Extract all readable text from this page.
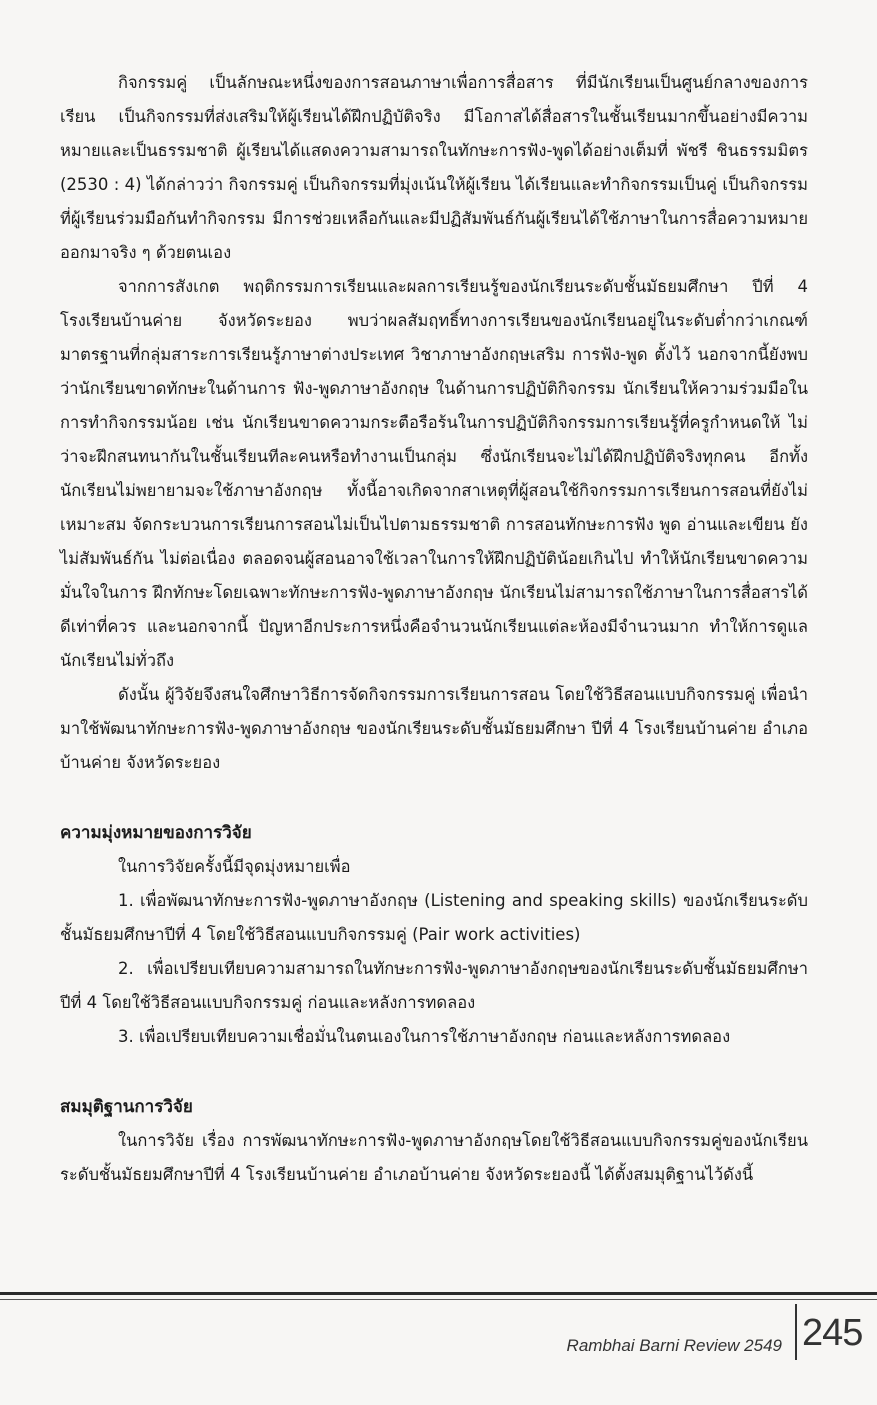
กิจกรรมคู่ เป็นลักษณะหนึ่งของการสอนภาษาเพื่อการสื่อสาร ที่มีนักเรียนเป็นศูนย์กลางของการเรียน เป็นกิจกรรมที่ส่งเสริมให้ผู้เรียนได้ฝึกปฏิบัติจริง มีโอกาสได้สื่อสารในชั้นเรียนมากขึ้นอย่างมีความหมายและเป็นธรรมชาติ ผู้เรียนได้แสดงความสามารถในทักษะการฟัง-พูดได้อย่างเต็มที่ พัชรี ชินธรรมมิตร (2530 : 4) ได้กล่าวว่า กิจกรรมคู่ เป็นกิจกรรมที่มุ่งเน้นให้ผู้เรียน ได้เรียนและทำกิจกรรมเป็นคู่ เป็นกิจกรรมที่ผู้เรียนร่วมมือกันทำกิจกรรม มีการช่วยเหลือกันและมีปฏิสัมพันธ์กันผู้เรียนได้ใช้ภาษาในการสื่อความหมายออกมาจริง ๆ ด้วยตนเอง

จากการสังเกต พฤติกรรมการเรียนและผลการเรียนรู้ของนักเรียนระดับชั้นมัธยมศึกษา ปีที่ 4 โรงเรียนบ้านค่าย จังหวัดระยอง พบว่าผลสัมฤทธิ์ทางการเรียนของนักเรียนอยู่ในระดับต่ำกว่าเกณฑ์มาตรฐานที่กลุ่มสาระการเรียนรู้ภาษาต่างประเทศ วิชาภาษาอังกฤษเสริม การฟัง-พูด ตั้งไว้ นอกจากนี้ยังพบว่านักเรียนขาดทักษะในด้านการ ฟัง-พูดภาษาอังกฤษ ในด้านการปฏิบัติกิจกรรม นักเรียนให้ความร่วมมือในการทำกิจกรรมน้อย เช่น นักเรียนขาดความกระตือรือร้นในการปฏิบัติกิจกรรมการเรียนรู้ที่ครูกำหนดให้ ไม่ว่าจะฝึกสนทนากันในชั้นเรียนทีละคนหรือทำงานเป็นกลุ่ม ซึ่งนักเรียนจะไม่ได้ฝึกปฏิบัติจริงทุกคน อีกทั้งนักเรียนไม่พยายามจะใช้ภาษาอังกฤษ ทั้งนี้อาจเกิดจากสาเหตุที่ผู้สอนใช้กิจกรรมการเรียนการสอนที่ยังไม่เหมาะสม จัดกระบวนการเรียนการสอนไม่เป็นไปตามธรรมชาติ การสอนทักษะการฟัง พูด อ่านและเขียน ยังไม่สัมพันธ์กัน ไม่ต่อเนื่อง ตลอดจนผู้สอนอาจใช้เวลาในการให้ฝึกปฏิบัติน้อยเกินไป ทำให้นักเรียนขาดความมั่นใจในการ ฝึกทักษะโดยเฉพาะทักษะการฟัง-พูดภาษาอังกฤษ นักเรียนไม่สามารถใช้ภาษาในการสื่อสารได้ดีเท่าที่ควร และนอกจากนี้ ปัญหาอีกประการหนึ่งคือจำนวนนักเรียนแต่ละห้องมีจำนวนมาก ทำให้การดูแลนักเรียนไม่ทั่วถึง

ดังนั้น ผู้วิจัยจึงสนใจศึกษาวิธีการจัดกิจกรรมการเรียนการสอน โดยใช้วิธีสอนแบบกิจกรรมคู่ เพื่อนำมาใช้พัฒนาทักษะการฟัง-พูดภาษาอังกฤษ ของนักเรียนระดับชั้นมัธยมศึกษา ปีที่ 4 โรงเรียนบ้านค่าย อำเภอบ้านค่าย จังหวัดระยอง

ความมุ่งหมายของการวิจัย

ในการวิจัยครั้งนี้มีจุดมุ่งหมายเพื่อ

1. เพื่อพัฒนาทักษะการฟัง-พูดภาษาอังกฤษ (Listening and speaking skills) ของนักเรียนระดับชั้นมัธยมศึกษาปีที่ 4 โดยใช้วิธีสอนแบบกิจกรรมคู่ (Pair work activities)

2. เพื่อเปรียบเทียบความสามารถในทักษะการฟัง-พูดภาษาอังกฤษของนักเรียนระดับชั้นมัธยมศึกษาปีที่ 4 โดยใช้วิธีสอนแบบกิจกรรมคู่ ก่อนและหลังการทดลอง

3. เพื่อเปรียบเทียบความเชื่อมั่นในตนเองในการใช้ภาษาอังกฤษ ก่อนและหลังการทดลอง

สมมุติฐานการวิจัย

ในการวิจัย เรื่อง การพัฒนาทักษะการฟัง-พูดภาษาอังกฤษโดยใช้วิธีสอนแบบกิจกรรมคู่ของนักเรียนระดับชั้นมัธยมศึกษาปีที่ 4 โรงเรียนบ้านค่าย อำเภอบ้านค่าย จังหวัดระยองนี้ ได้ตั้งสมมุติฐานไว้ดังนี้

Rambhai Barni Review 2549 245
